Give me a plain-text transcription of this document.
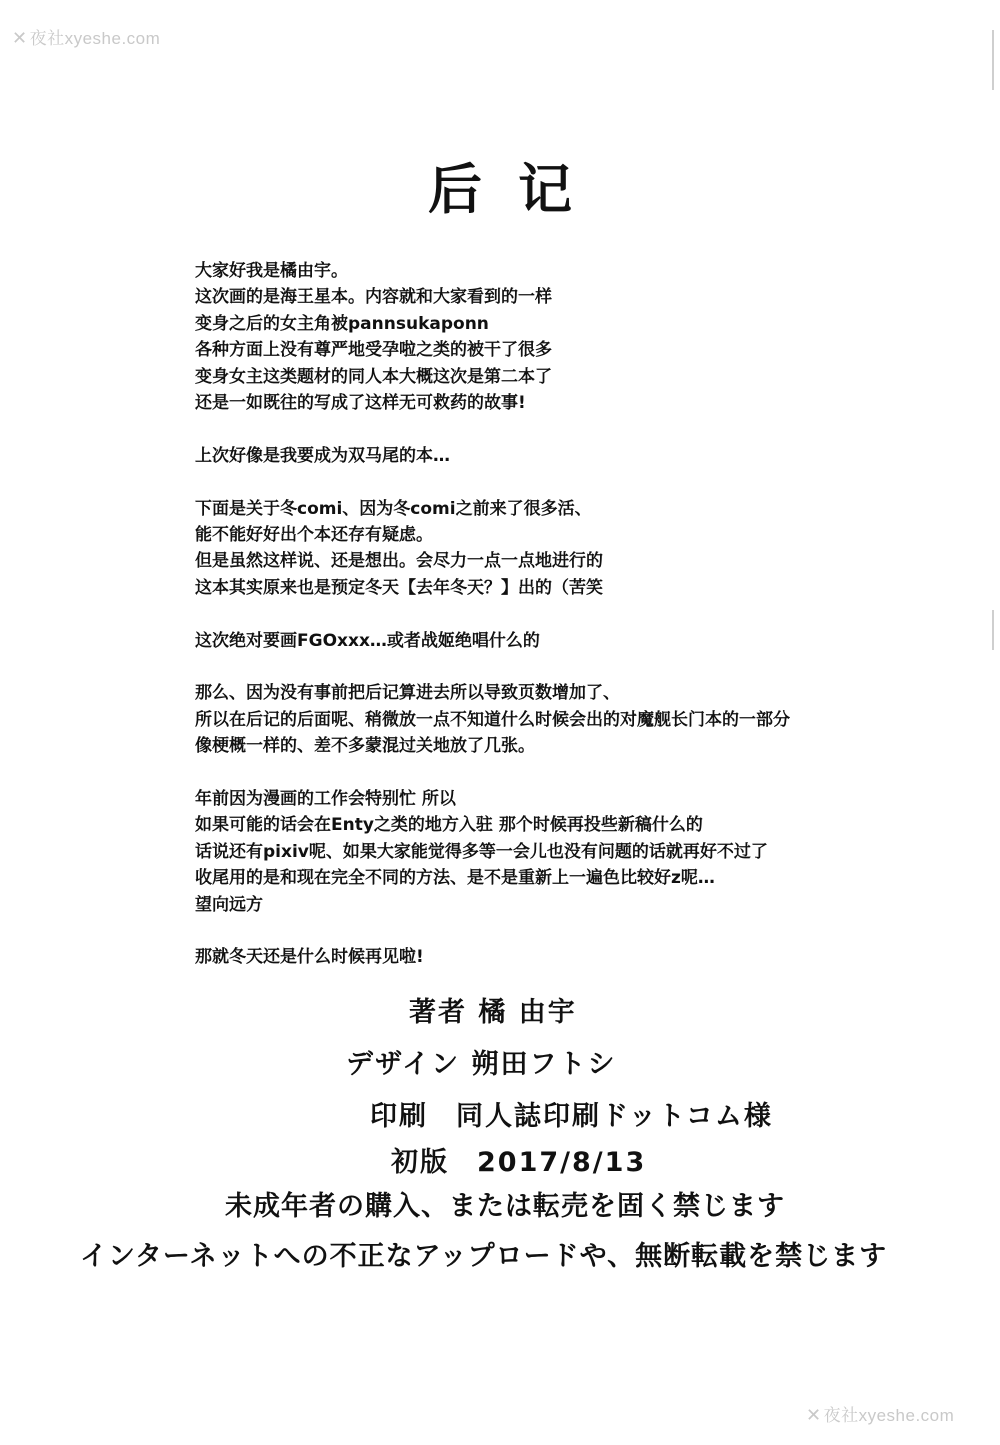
✕ 夜社xyeshe.com
后记
大家好我是橘由宇。
这次画的是海王星本。内容就和大家看到的一样
变身之后的女主角被pannsukaponn
各种方面上没有尊严地受孕啦之类的被干了很多
变身女主这类题材的同人本大概这次是第二本了
还是一如既往的写成了这样无可救药的故事!
上次好像是我要成为双马尾的本…
下面是关于冬comi、因为冬comi之前来了很多活、
能不能好好出个本还存有疑虑。
但是虽然这样说、还是想出。会尽力一点一点地进行的
这本其实原来也是预定冬天【去年冬天？】出的（苦笑
这次绝对要画FGOxxx…或者战姬绝唱什么的
那么、因为没有事前把后记算进去所以导致页数增加了、
所以在后记的后面呢、稍微放一点不知道什么时候会出的对魔舰长门本的一部分
像梗概一样的、差不多蒙混过关地放了几张。
年前因为漫画的工作会特别忙 所以
如果可能的话会在Enty之类的地方入驻 那个时候再投些新稿什么的
话说还有pixiv呢、如果大家能觉得多等一会儿也没有问题的话就再好不过了
收尾用的是和现在完全不同的方法、是不是重新上一遍色比较好z呢…
望向远方
那就冬天还是什么时候再见啦!
著者 橘 由宇
デザイン 朔田フトシ
印刷 同人誌印刷ドットコム様
初版 2017/8/13
未成年者の購入、または転売を固く禁じます
インターネットへの不正なアップロードや、無断転載を禁じます
✕ 夜社xyeshe.com
